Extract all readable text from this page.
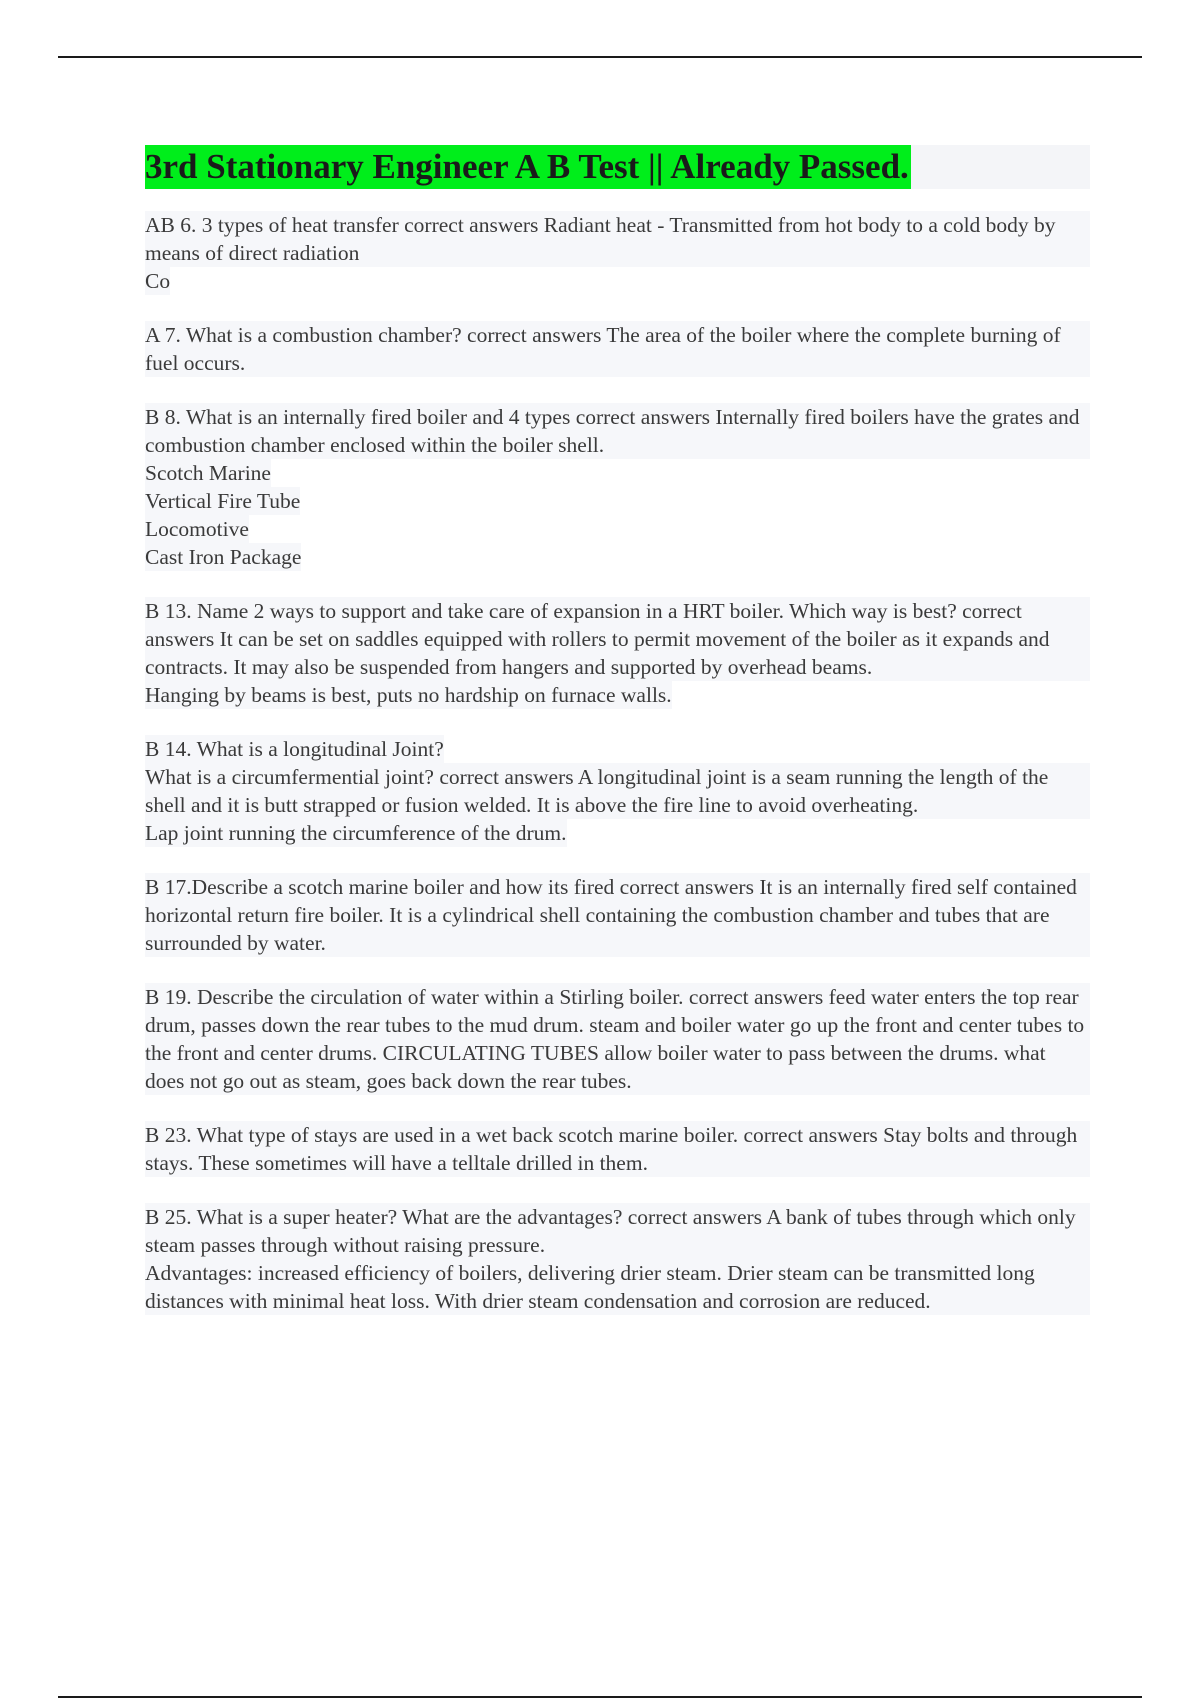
3rd Stationary Engineer A B Test || Already Passed.
AB 6. 3 types of heat transfer correct answers Radiant heat - Transmitted from hot body to a cold body by means of direct radiation
Co
A 7. What is a combustion chamber? correct answers The area of the boiler where the complete burning of fuel occurs.
B 8. What is an internally fired boiler and 4 types correct answers Internally fired boilers have the grates and combustion chamber enclosed within the boiler shell.
Scotch Marine
Vertical Fire Tube
Locomotive
Cast Iron Package
B 13. Name 2 ways to support and take care of expansion in a HRT boiler. Which way is best? correct answers It can be set on saddles equipped with rollers to permit movement of the boiler as it expands and contracts. It may also be suspended from hangers and supported by overhead beams.
Hanging by beams is best, puts no hardship on furnace walls.
B 14. What is a longitudinal Joint?
What is a circumfermential joint? correct answers A longitudinal joint is a seam running the length of the shell and it is butt strapped or fusion welded. It is above the fire line to avoid overheating.
Lap joint running the circumference of the drum.
B 17.Describe a scotch marine boiler and how its fired correct answers It is an internally fired self contained horizontal return fire boiler. It is a cylindrical shell containing the combustion chamber and tubes that are surrounded by water.
B 19. Describe the circulation of water within a Stirling boiler. correct answers feed water enters the top rear drum, passes down the rear tubes to the mud drum. steam and boiler water go up the front and center tubes to the front and center drums. CIRCULATING TUBES allow boiler water to pass between the drums. what does not go out as steam, goes back down the rear tubes.
B 23. What type of stays are used in a wet back scotch marine boiler. correct answers Stay bolts and through stays. These sometimes will have a telltale drilled in them.
B 25. What is a super heater? What are the advantages? correct answers A bank of tubes through which only steam passes through without raising pressure.
Advantages: increased efficiency of boilers, delivering drier steam. Drier steam can be transmitted long distances with minimal heat loss. With drier steam condensation and corrosion are reduced.
